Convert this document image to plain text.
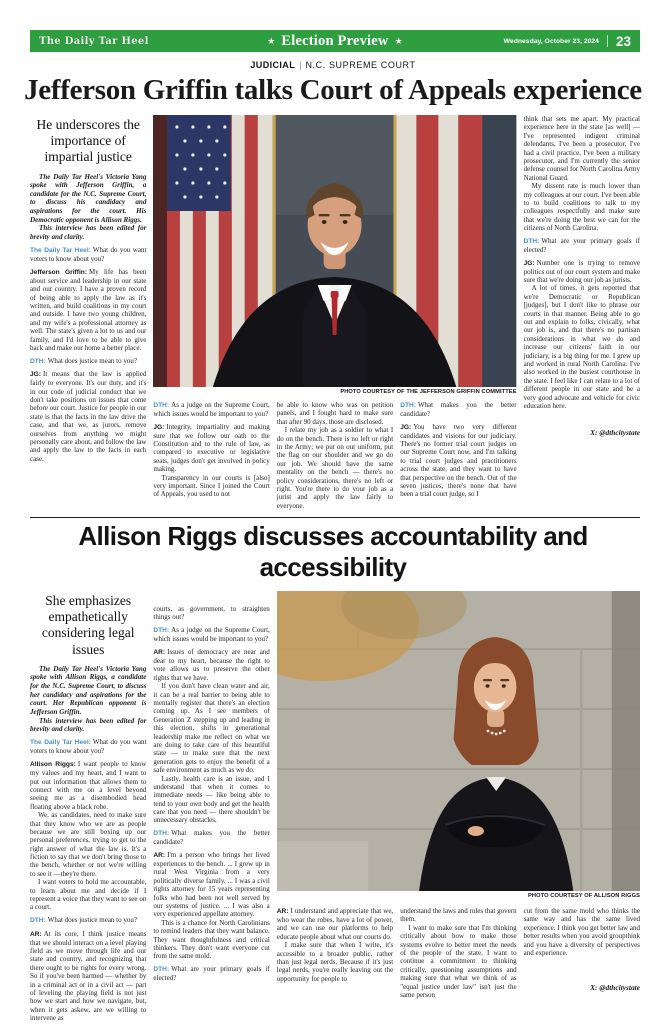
The Daily Tar Heel	★ Election Preview ★	Wednesday, October 23, 2024 23
JUDICIAL | N.C. SUPREME COURT
Jefferson Griffin talks Court of Appeals experience
He underscores the importance of impartial justice

The Daily Tar Heel's Victoria Yang spoke with Jefferson Griffin, a candidate for the N.C. Supreme Court, to discuss his candidacy and aspirations for the court. His Democratic opponent is Allison Riggs.

This interview has been edited for brevity and clarity.

The Daily Tar Heel: What do you want voters to know about you?

Jefferson Griffin: My life has been about service and leadership in our state and our country. I have a proven record of being able to apply the law as it's written, and build coalitions in my court and outside. I have two young children, and my wife's a professional attorney as well. The state's given a lot to us and our family, and I'd love to be able to give back and make our home a better place.

DTH: What does justice mean to you?

JG: It means that the law is applied fairly to everyone. It's our duty, and it's in our code of judicial conduct that we don't take positions on issues that come before our court. Justice for people in our state is that the facts in the law drive the case, and that we, as jurors, remove ourselves from anything we might personally care about, and follow the law and apply the law to the facts in each case.

PHOTO COURTESY OF THE JEFFERSON GRIFFIN COMMITTEE

DTH: As a judge on the Supreme Court, which issues would be important to you?

JG: Integrity, impartiality and making sure that we follow our oath to the Constitution and to the rule of law, as compared to executive or legislative seats, judges don't get involved in policy making.

Transparency in our courts is [also] very important. Since I joined the Court of Appeals, you used to not

be able to know who was on petition panels, and I fought hard to make sure that after 90 days, those are disclosed.

I relate my job as a soldier to what I do on the bench. There is no left or right in the Army; we put on our uniform, put the flag on our shoulder and we go do our job. We should have the same mentality on the bench — there's no policy considerations, there's no left or right. You're there to do your job as a jurist and apply the law fairly to everyone.

DTH: What makes you the better candidate?

JG: You have two very different candidates and visions for our judiciary. There's no former trial court judges on our Supreme Court now, and I'm talking to trial court judges and practitioners across the state, and they want to have that perspective on the bench. Out of the seven justices, there's none that have been a trial court judge, so I

think that sets me apart. My practical experience here in the state [as well] — I've represented indigent criminal defendants, I've been a prosecutor, I've had a civil practice, I've been a military prosecutor, and I'm currently the senior defense counsel for North Carolina Army National Guard.

My dissent rate is much lower than my colleagues at our court. I've been able to to build coalitions to talk to my colleagues respectfully and make sure that we're doing the best we can for the citizens of North Carolina.

DTH: What are your primary goals if elected?

JG: Number one is trying to remove politics out of our court system and make sure that we're doing our job as jurists.

A lot of times, it gets reported that we're Democratic or Republican [judges], but I don't like to phrase our courts in that manner. Being able to go out and explain to folks, civically, what our job is, and that there's no partisan considerations in what we do and increase our citizens' faith in our judiciary, is a big thing for me. I grew up and worked in rural North Carolina. I've also worked in the busiest courthouse in the state. I feel like I can relate to a lot of different people in our state and be a very good advocate and vehicle for civic education here.

X: @dthcitystate

Allison Riggs discusses accountability and accessibility
She emphasizes empathetically considering legal issues

The Daily Tar Heel's Victoria Yang spoke with Allison Riggs, a candidate for the N.C. Supreme Court, to discuss her candidacy and aspirations for the court. Her Republican opponent is Jefferson Griffin.

This interview has been edited for brevity and clarity.

The Daily Tar Heel: What do you want voters to know about you?

Allison Riggs: I want people to know my values and my heart, and I want to put out information that allows them to connect with me on a level beyond seeing me as a disembodied head floating above a black robe.

We, as candidates, need to make sure that they know who we are as people because we are still boxing up our personal preferences, trying to get to the right answer of what the law is. It's a fiction to say that we don't bring those to the bench, whether or not we're willing to see it —they're there.

I want voters to hold me accountable, to learn about me and decide if I represent a voice that they want to see on a court.

DTH: What does justice mean to you?

AR: At its core, I think justice means that we should interact on a level playing field as we move through life and our state and country, and recognizing that there ought to be rights for every wrong. So if you've been harmed — whether by in a criminal act or in a civil act — part of leveling the playing field is not just how we start and how we navigate, but, when it gets askew, are we willing to intervene as

courts, as government, to straighten things out?

DTH: As a judge on the Supreme Court, which issues would be important to you?

AR: Issues of democracy are near and dear to my heart, because the right to vote allows us to preserve the other rights that we have.

If you don't have clean water and air, it can be a real barrier to being able to mentally register that there's an election coming up. As I see members of Generation Z stepping up and leading in this election, shifts in generational leadership make me reflect on what we are doing to take care of this beautiful state — to make sure that the next generation gets to enjoy the benefit of a safe environment as much as we do.

Lastly, health care is an issue, and I understand that when it comes to immediate needs — like being able to tend to your own body and get the health care that you need — there shouldn't be unnecessary obstacles.

DTH: What makes you the better candidate?

AR: I'm a person who brings her lived experiences to the bench. ... I grew up in rural West Virginia from a very politically diverse family. ... I was a civil rights attorney for 15 years representing folks who had been not well served by our systems of justice. ... I was also a very experienced appellate attorney.

This is a chance for North Carolinians to remind leaders that they want balance. They want thoughtfulness and critical thinkers. They don't want everyone cut from the same mold.

DTH: What are your primary goals if elected?

PHOTO COURTESY OF ALLISON RIGGS

AR: I understand and appreciate that we, who wear the robes, have a lot of power, and we can use our platforms to help educate people about what our courts do.

I make sure that when I write, it's accessible to a broader public, rather than just legal nerds. Because if it's just legal nerds, you're really leaving out the opportunity for people to

understand the laws and rules that govern them.

I want to make sure that I'm thinking critically about how to make those systems evolve to better meet the needs of the people of the state. I want to continue a commitment to thinking critically, questioning assumptions and making sure that what we think of as "equal justice under law" isn't just the same person

cut from the same mold who thinks the same way and has the same lived experience. I think you get better law and better results when you avoid groupthink and you have a diversity of perspectives and experience.

X: @dthcitystate
